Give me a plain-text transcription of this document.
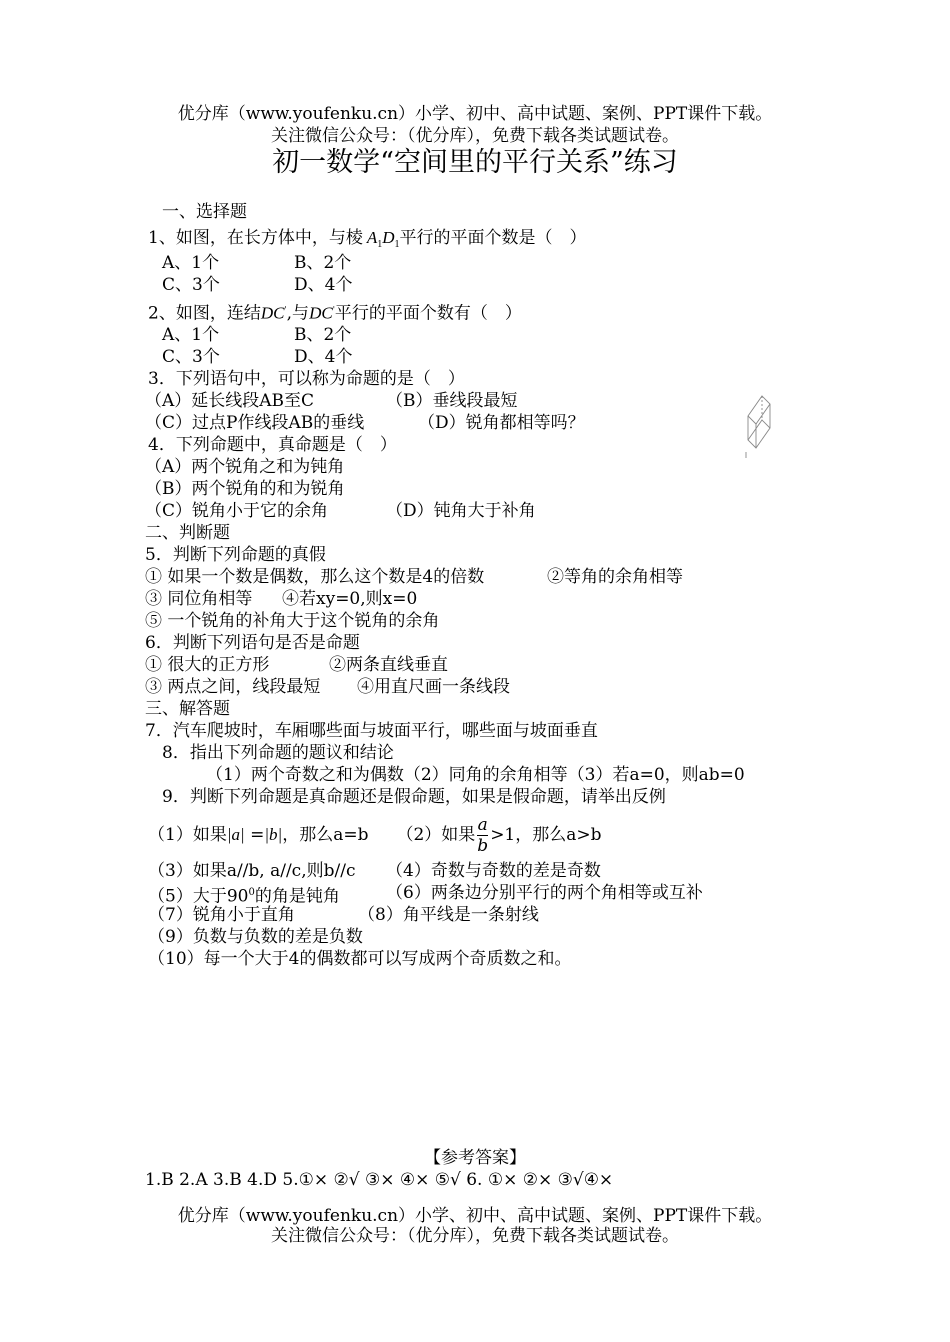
优分库（www.youfenku.cn）小学、初中、高中试题、案例、PPT课件下载。
关注微信公众号：（优分库），免费下载各类试题试卷。
初一数学“空间里的平行关系”练习
一、选择题
1、如图，在长方体中，与棱 $A_1D_1$平行的平面个数是（　）
A、1个	B、2个
C、3个	D、4个
2、如图，连结DC',与DC'平行的平面个数有（　）
A、1个	B、2个
C、3个	D、4个
3．下列语句中，可以称为命题的是（　）
（A）延长线段AB至C	（B）垂线段最短
（C）过点P作线段AB的垂线	（D）锐角都相等吗？
4．下列命题中，真命题是（　）
（A）两个锐角之和为钝角
（B）两个锐角的和为锐角
（C）锐角小于它的余角	（D）钝角大于补角
二、判断题
5．判断下列命题的真假
① 如果一个数是偶数，那么这个数是4的倍数	②等角的余角相等
③ 同位角相等 ④若xy=0,则x=0
⑤ 一个锐角的补角大于这个锐角的余角
6．判断下列语句是否是命题
① 很大的正方形	②两条直线垂直
③ 两点之间，线段最短 ④用直尺画一条线段
三、解答题
7．汽车爬坡时，车厢哪些面与坡面平行，哪些面与坡面垂直
8．指出下列命题的题议和结论
（1）两个奇数之和为偶数（2）同角的余角相等（3）若a=0，则ab=0
9．判断下列命题是真命题还是假命题，如果是假命题，请举出反例
（1）如果|a| =|b|，那么a=b （2）如果 $\frac{a}{b} >1$，那么a>b
（3）如果a//b, a//c,则b//c （4）奇数与奇数的差是奇数
（5）大于$90^0$的角是钝角	（6）两条边分别平行的两个角相等或互补
（7）锐角小于直角	（8）角平线是一条射线
（9）负数与负数的差是负数
（10）每一个大于4的偶数都可以写成两个奇质数之和。
【参考答案】
1.B 2.A 3.B 4.D 5.①× ②√ ③× ④× ⑤√ 6. ①× ②× ③√④×
优分库（www.youfenku.cn）小学、初中、高中试题、案例、PPT课件下载。
关注微信公众号：（优分库），免费下载各类试题试卷。
